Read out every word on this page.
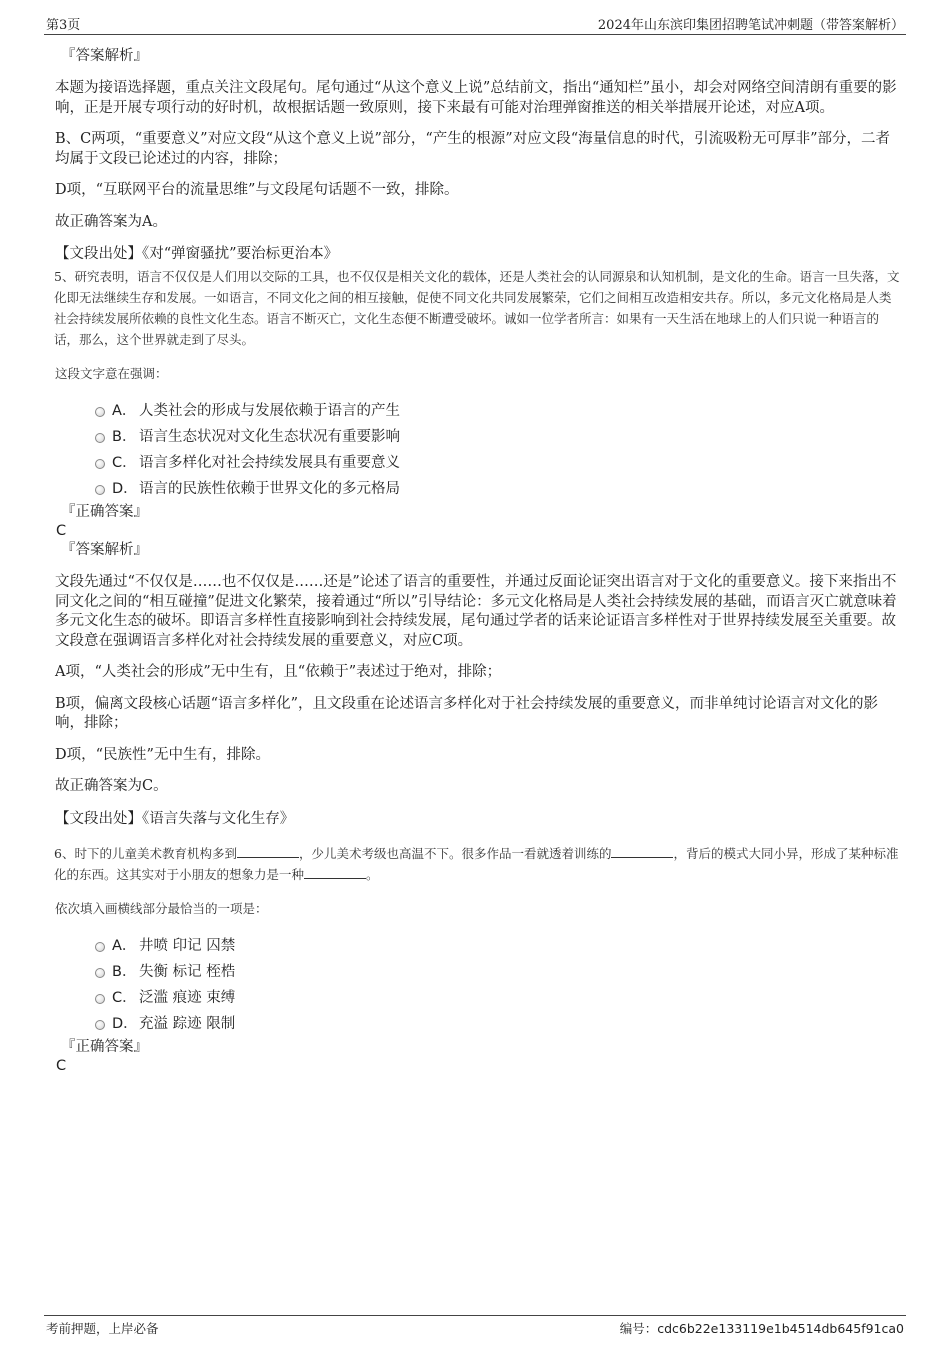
第3页	2024年山东滨印集团招聘笔试冲刺题（带答案解析）
『答案解析』

本题为接语选择题，重点关注文段尾句。尾句通过“从这个意义上说”总结前文，指出“通知栏”虽小，却会对网络空间清朗有重要的影响，正是开展专项行动的好时机，故根据话题一致原则，接下来最有可能对治理弹窗推送的相关举措展开论述，对应A项。

B、C两项，“重要意义”对应文段“从这个意义上说”部分，“产生的根源”对应文段“海量信息的时代，引流吸粉无可厚非”部分，二者均属于文段已论述过的内容，排除；

D项，“互联网平台的流量思维”与文段尾句话题不一致，排除。

故正确答案为A。

【文段出处】《对“弹窗骚扰”要治标更治本》
5、研究表明，语言不仅仅是人们用以交际的工具，也不仅仅是相关文化的载体，还是人类社会的认同源泉和认知机制，是文化的生命。语言一旦失落，文化即无法继续生存和发展。一如语言，不同文化之间的相互接触，促使不同文化共同发展繁荣，它们之间相互改造相安共存。所以，多元文化格局是人类社会持续发展所依赖的良性文化生态。语言不断灭亡，文化生态便不断遭受破坏。诚如一位学者所言：如果有一天生活在地球上的人们只说一种语言的话，那么，这个世界就走到了尽头。
这段文字意在强调：
A． 人类社会的形成与发展依赖于语言的产生
B． 语言生态状况对文化生态状况有重要影响
C． 语言多样化对社会持续发展具有重要意义
D． 语言的民族性依赖于世界文化的多元格局
『正确答案』
C
『答案解析』

文段先通过“不仅仅是……也不仅仅是……还是”论述了语言的重要性，并通过反面论证突出语言对于文化的重要意义。接下来指出不同文化之间的“相互碰撞”促进文化繁荣，接着通过“所以”引导结论：多元文化格局是人类社会持续发展的基础，而语言灭亡就意味着多元文化生态的破坏。即语言多样性直接影响到社会持续发展，尾句通过学者的话来论证语言多样性对于世界持续发展至关重要。故文段意在强调语言多样化对社会持续发展的重要意义，对应C项。

A项，“人类社会的形成”无中生有，且“依赖于”表述过于绝对，排除；

B项，偏离文段核心话题“语言多样化”，且文段重在论述语言多样化对于社会持续发展的重要意义，而非单纯讨论语言对文化的影响，排除；

D项，“民族性”无中生有，排除。

故正确答案为C。

【文段出处】《语言失落与文化生存》
6、时下的儿童美术教育机构多到	，少儿美术考级也高温不下。很多作品一看就透着训练的	，背后的模式大同小异，形成了某种标准化的东西。这其实对于小朋友的想象力是一种	。
依次填入画横线部分最恰当的一项是：
A． 井喷 印记 囚禁
B． 失衡 标记 桎梏
C． 泛滥 痕迹 束缚
D． 充溢 踪迹 限制
『正确答案』
C
考前押题，上岸必备	编号：cdc6b22e133119e1b4514db645f91ca0
